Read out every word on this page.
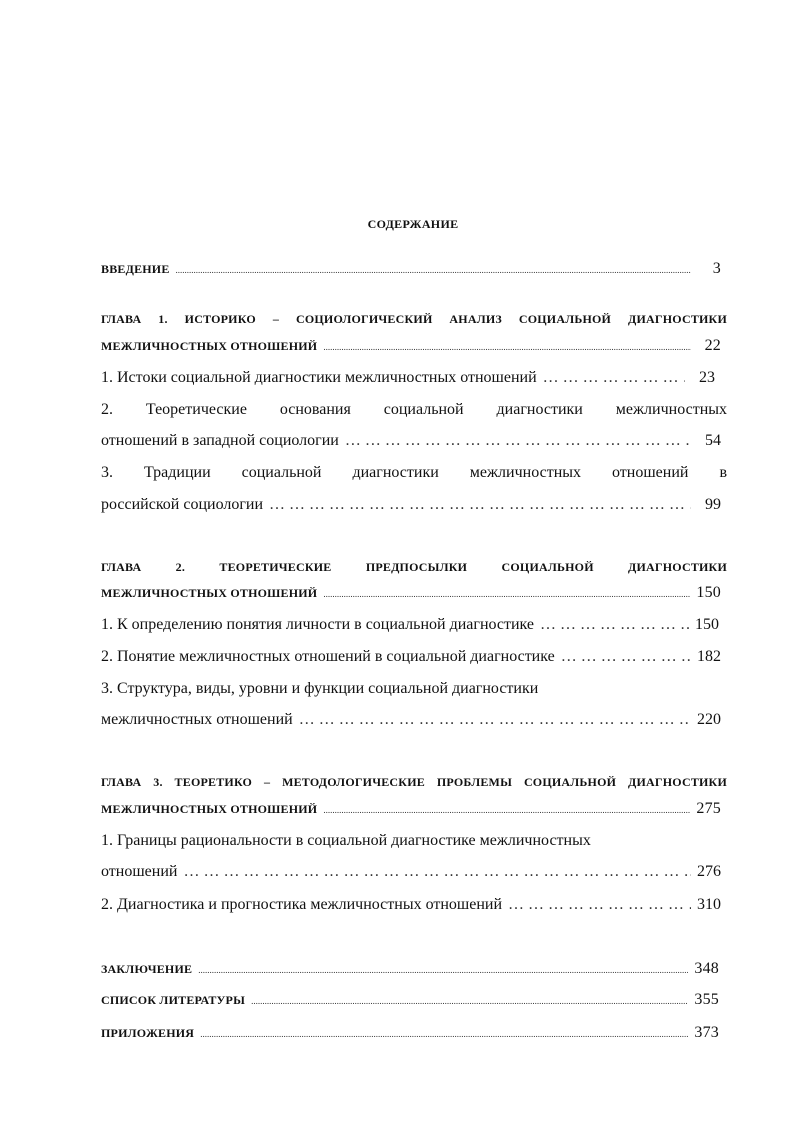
СОДЕРЖАНИЕ
ВВЕДЕНИЕ .....	3
ГЛАВА 1. ИСТОРИКО – СОЦИОЛОГИЧЕСКИЙ АНАЛИЗ СОЦИАЛЬНОЙ ДИАГНОСТИКИ
МЕЖЛИЧНОСТНЫХ ОТНОШЕНИЙ .....	22
1. Истоки социальной диагностики межличностных отношений … … … … … … … … … … … … … … … … … … … … … … … … … … … … … … … … … … … … … … … … … … … … … … … … … … … …	23
2. Теоретические основания социальной диагностики межличностных
отношений в западной социологии … … … … … … … … … … … … … … … … … … … … … … … … … … … … … … … … … … … … … … … … … … … … … … … … … … … …	54
3. Традиции социальной диагностики межличностных отношений в
российской социологии … … … … … … … … … … … … … … … … … … … … … … … … … … … … … … … … … … … … … … … … … … … … … … … … … … … …	99
ГЛАВА 2. ТЕОРЕТИЧЕСКИЕ ПРЕДПОСЫЛКИ СОЦИАЛЬНОЙ ДИАГНОСТИКИ
МЕЖЛИЧНОСТНЫХ ОТНОШЕНИЙ .....	150
1. К определению понятия личности в социальной диагностике … … … … … … … … … … … … … … … … … … … … … … … … … … … … … … … … … … … … … … … … … … … … … … … … … … … …	150
2. Понятие межличностных отношений в социальной диагностике … … … … … … … … … … … … … … … … … … … … … … … … … … … … … … … … … … … … … … … … … … … … … … … … … … … …	182
3. Структура, виды, уровни и функции социальной диагностики
межличностных отношений … … … … … … … … … … … … … … … … … … … … … … … … … … … … … … … … … … … … … … … … … … … … … … … … … … … …	220
ГЛАВА 3. ТЕОРЕТИКО – МЕТОДОЛОГИЧЕСКИЕ ПРОБЛЕМЫ СОЦИАЛЬНОЙ ДИАГНОСТИКИ
МЕЖЛИЧНОСТНЫХ ОТНОШЕНИЙ .....	275
1. Границы рациональности в социальной диагностике межличностных
отношений … … … … … … … … … … … … … … … … … … … … … … … … … … … … … … … … … … … … … … … … … … … … … … … … … … … …	276
2. Диагностика и прогностика межличностных отношений … … … … … … … … … … … … … … … … … … … … … … … … … … … … … … … … … … … … … … … … … … … … … … … … … … … …	310
ЗАКЛЮЧЕНИЕ .....	348
СПИСОК ЛИТЕРАТУРЫ .....	355
ПРИЛОЖЕНИЯ .....	373
